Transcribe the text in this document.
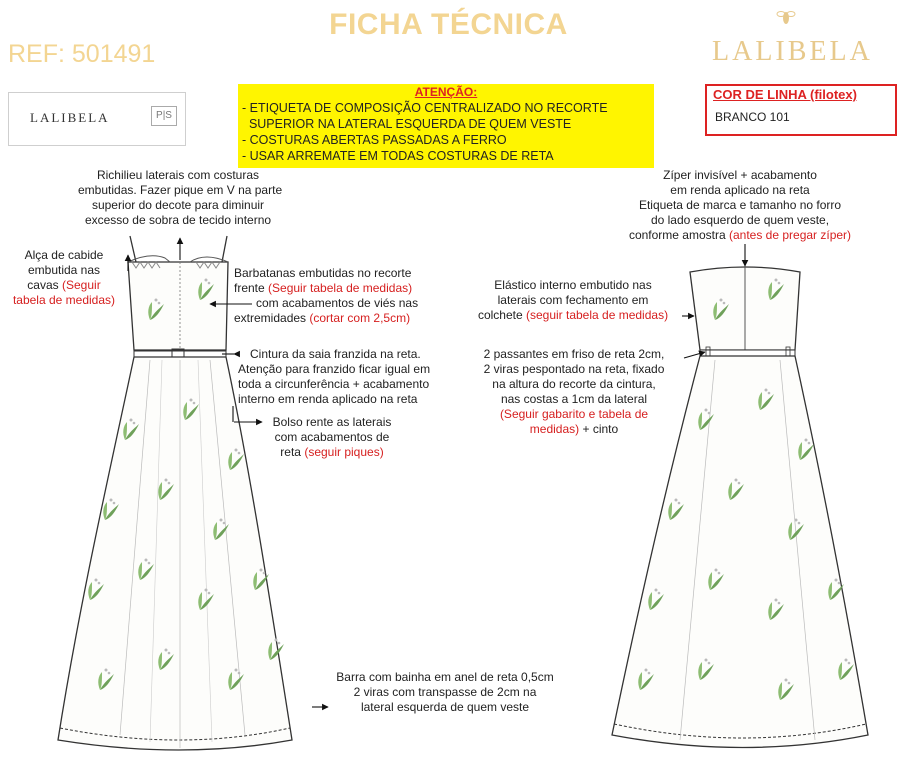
FICHA TÉCNICA
REF: 501491	LALIBELA
LALIBELA	P|S
ATENÇÃO:
- ETIQUETA DE COMPOSIÇÃO CENTRALIZADO NO RECORTE
SUPERIOR NA LATERAL ESQUERDA DE QUEM VESTE
- COSTURAS ABERTAS PASSADAS A FERRO
- USAR ARREMATE EM TODAS COSTURAS DE RETA
COR DE LINHA (filotex)
BRANCO 101
Richilieu laterais com costuras
embutidas. Fazer pique em V na parte
superior do decote para diminuir
excesso de sobra de tecido interno
Alça de cabide
embutida nas
cavas (Seguir
tabela de medidas)
Barbatanas embutidas no recorte
frente (Seguir tabela de medidas)
com acabamentos de viés nas
extremidades (cortar com 2,5cm)
Cintura da saia franzida na reta.
Atenção para franzido ficar igual em
toda a circunferência + acabamento
interno em renda aplicado na reta
Bolso rente as laterais
com acabamentos de
reta (seguir piques)
Barra com bainha em anel de reta 0,5cm
2 viras com transpasse de 2cm na
lateral esquerda de quem veste
Zíper invisível + acabamento
em renda aplicado na reta
Etiqueta de marca e tamanho no forro
do lado esquerdo de quem veste,
conforme amostra (antes de pregar zíper)
Elástico interno embutido nas
laterais com fechamento em
colchete (seguir tabela de medidas)
2 passantes em friso de reta 2cm,
2 viras pespontado na reta, fixado
na altura do recorte da cintura,
nas costas a 1cm da lateral
(Seguir gabarito e tabela de
medidas) + cinto
